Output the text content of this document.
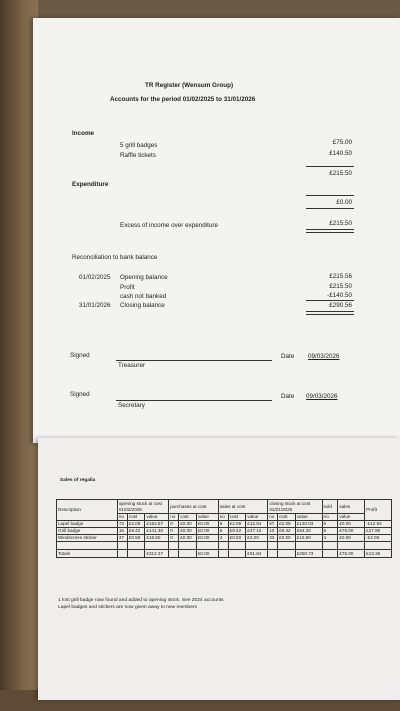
TR Register (Wensum Group)
Accounts for the period 01/02/2025 to 31/01/2026
Income
5 grill badges	£75.00
Raffle tickets	£140.50
£215.50
Expenditure
£0.00
Excess of income over expenditure	£215.50
Reconciliation to bank balance
01/02/2025 Opening balance	£215.56
Profit	£215.50
cash not banked	-£140.50
31/01/2026 Closing balance	£290.56
Signed
Treasurer
Date 09/03/2026
Signed
Secretary
Date 09/03/2026
Sales of regalia
Description	opening stock at cost 01/02/2025			purchases at cost			sales at cost			closing stock at cost 31/01/2026			sold	sales	Profit
	no	cost	value	no	cost	value	no	cost	value	no	cost	value	no	value	
Lapel badge	73	£2.09	£152.57	0	£0.00	£0.00	6	£2.09	£12.54	67	£2.09	£140.03	6	£0.00	-£12.54
Grill badge	15	£9.42	£141.30	0	£0.00	£0.00	5	£9.42	£47.10	10	£9.42	£94.20	5	£75.00	£27.90
Windscreen sticker	37	£0.50	£18.50	0	£0.00	£0.00	4	£0.50	£2.00	33	£0.50	£16.50	4	£0.00	-£2.00

Totals			£312.37			£0.00			£61.64			£250.73		£75.00	£13.36
1 lost grill badge now found and added to opening stock. See 2024 accounts
Lapel badges and stickers are now given away to new members
